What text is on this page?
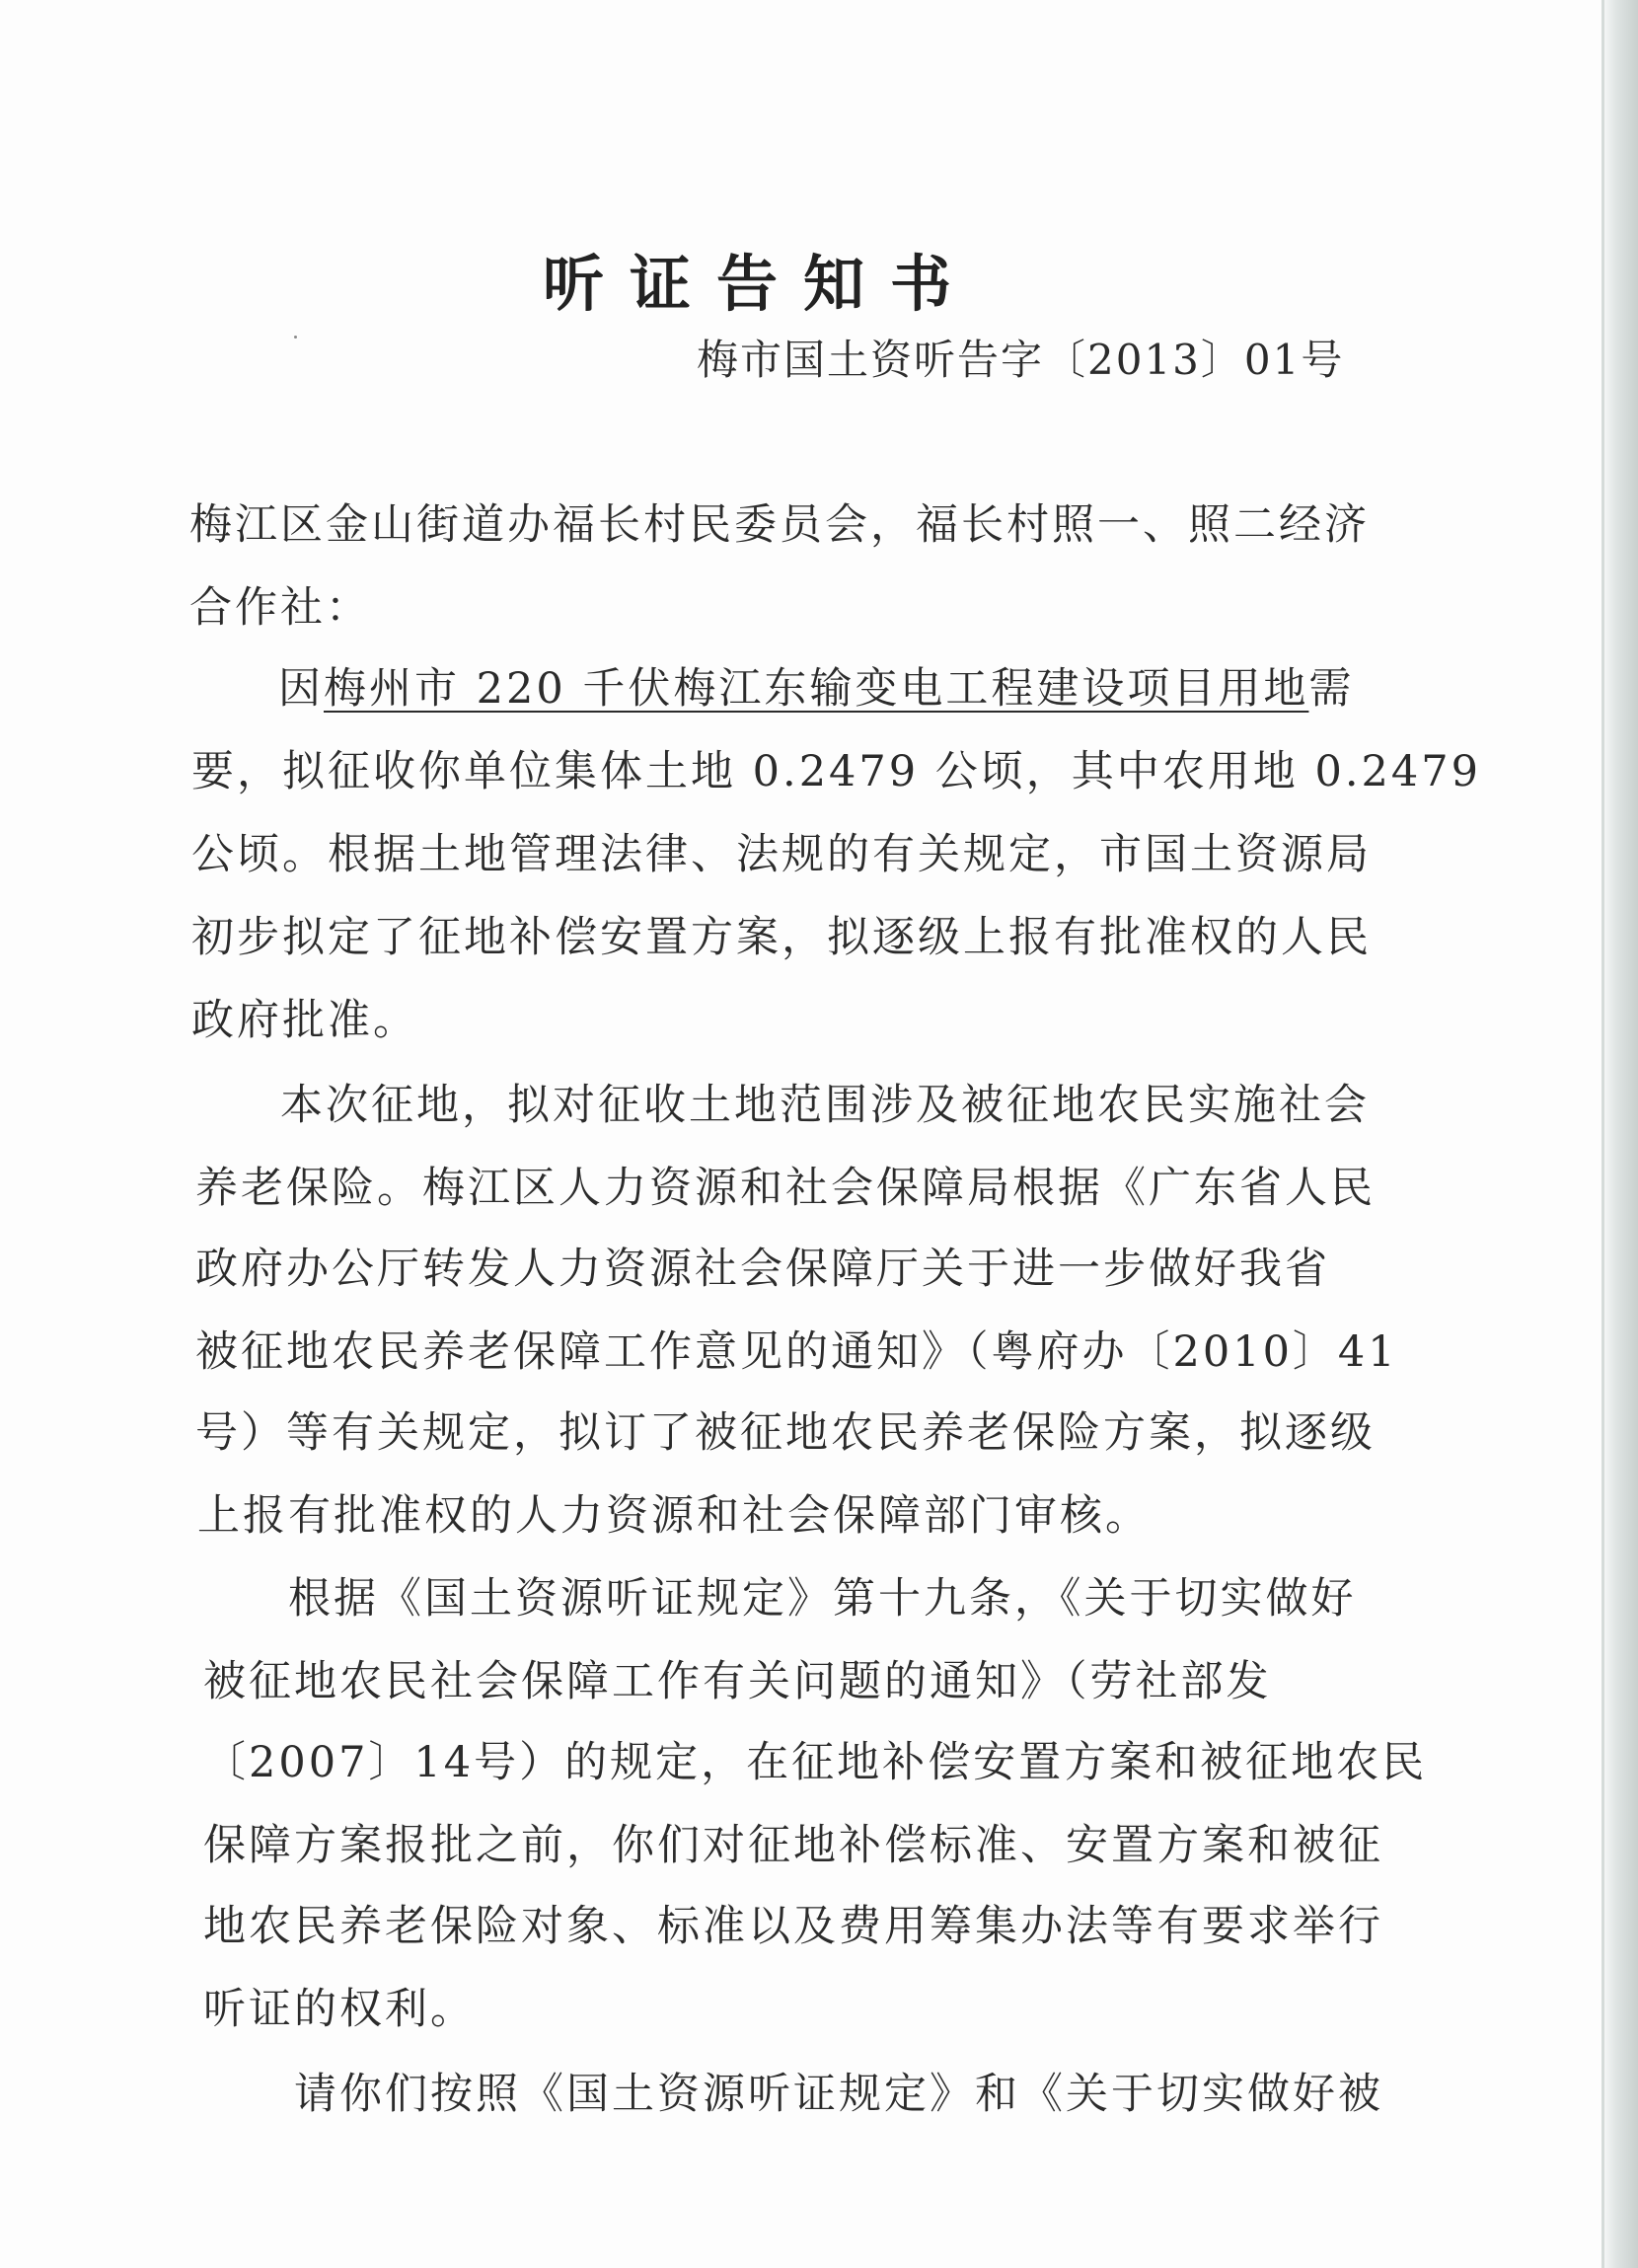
听证告知书
梅市国土资听告字〔2013〕01号
梅江区金山街道办福长村民委员会，福长村照一、照二经济
合作社：
因梅州市 220 千伏梅江东输变电工程建设项目用地需
要，拟征收你单位集体土地 0.2479 公顷，其中农用地 0.2479
公顷。根据土地管理法律、法规的有关规定，市国土资源局
初步拟定了征地补偿安置方案，拟逐级上报有批准权的人民
政府批准。
本次征地，拟对征收土地范围涉及被征地农民实施社会
养老保险。梅江区人力资源和社会保障局根据《广东省人民
政府办公厅转发人力资源社会保障厅关于进一步做好我省
被征地农民养老保障工作意见的通知》（粤府办〔2010〕41
号）等有关规定，拟订了被征地农民养老保险方案，拟逐级
上报有批准权的人力资源和社会保障部门审核。
根据《国土资源听证规定》第十九条，《关于切实做好
被征地农民社会保障工作有关问题的通知》（劳社部发
〔2007〕14号）的规定，在征地补偿安置方案和被征地农民
保障方案报批之前，你们对征地补偿标准、安置方案和被征
地农民养老保险对象、标准以及费用筹集办法等有要求举行
听证的权利。
请你们按照《国土资源听证规定》和《关于切实做好被
